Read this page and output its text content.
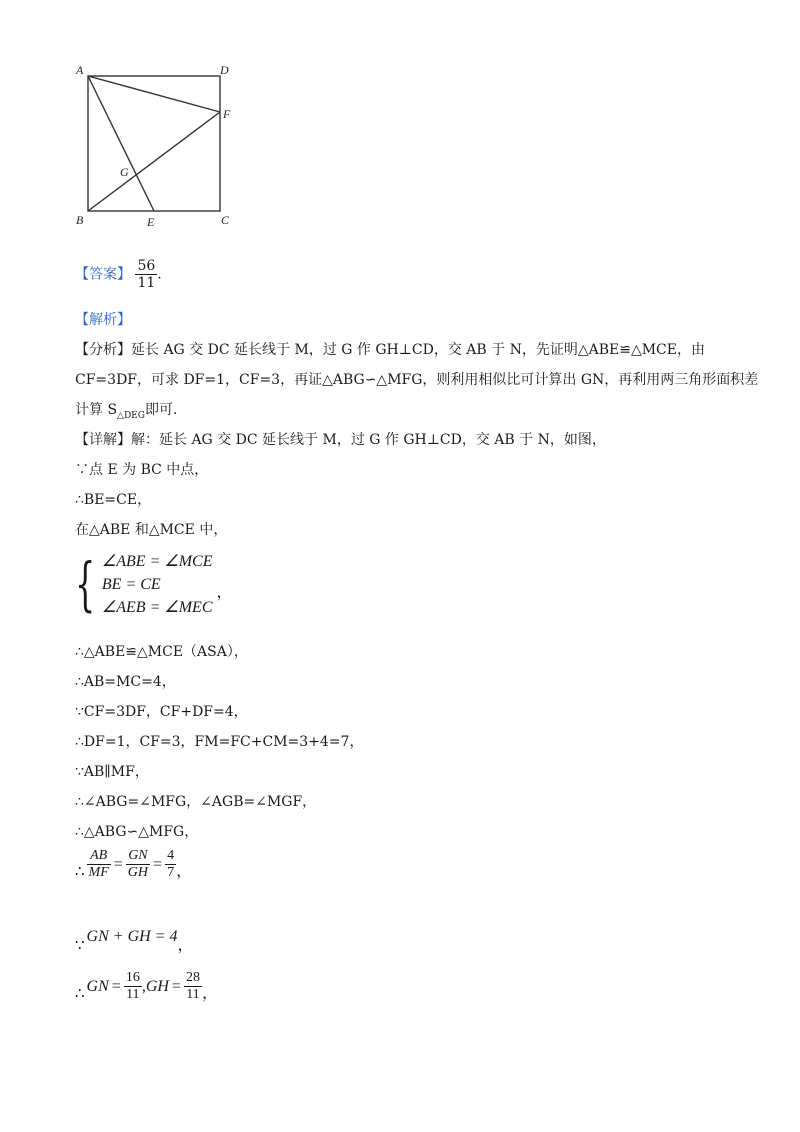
A	D
F
G
B	E	C
【答案】 $\frac{56}{11}$ .
【解析】
【分析】延长 AG 交 DC 延长线于 M，过 G 作 GH⊥CD，交 AB 于 N，先证明△ABE≌△MCE，由
CF=3DF，可求 DF=1，CF=3，再证△ABG∽△MFG，则利用相似比可计算出 GN，再利用两三角形面积差
计算 $S_{\triangle DEG}$即可.
【详解】解：延长 AG 交 DC 延长线于 M，过 G 作 GH⊥CD，交 AB 于 N，如图，
∵点 E 为 BC 中点，
∴BE=CE，
在△ABE 和△MCE 中，
{ ∠ABE = ∠MCE
BE = CE
∠AEB = ∠MEC
，
∴△ABE≌△MCE（ASA），
∴AB=MC=4，
∵CF=3DF，CF+DF=4，
∴DF=1，CF=3，FM=FC+CM=3+4=7，
∵AB∥MF，
∴∠ABG=∠MFG，∠AGB=∠MGF，
∴△ABG∽△MFG，
∴ $\frac{AB}{MF} = \frac{GN}{GH} = \frac{4}{7}$ ，
∵
GN + GH = 4
，
∴ GN = $\frac{16}{11}$ , GH = $\frac{28}{11}$ ，
